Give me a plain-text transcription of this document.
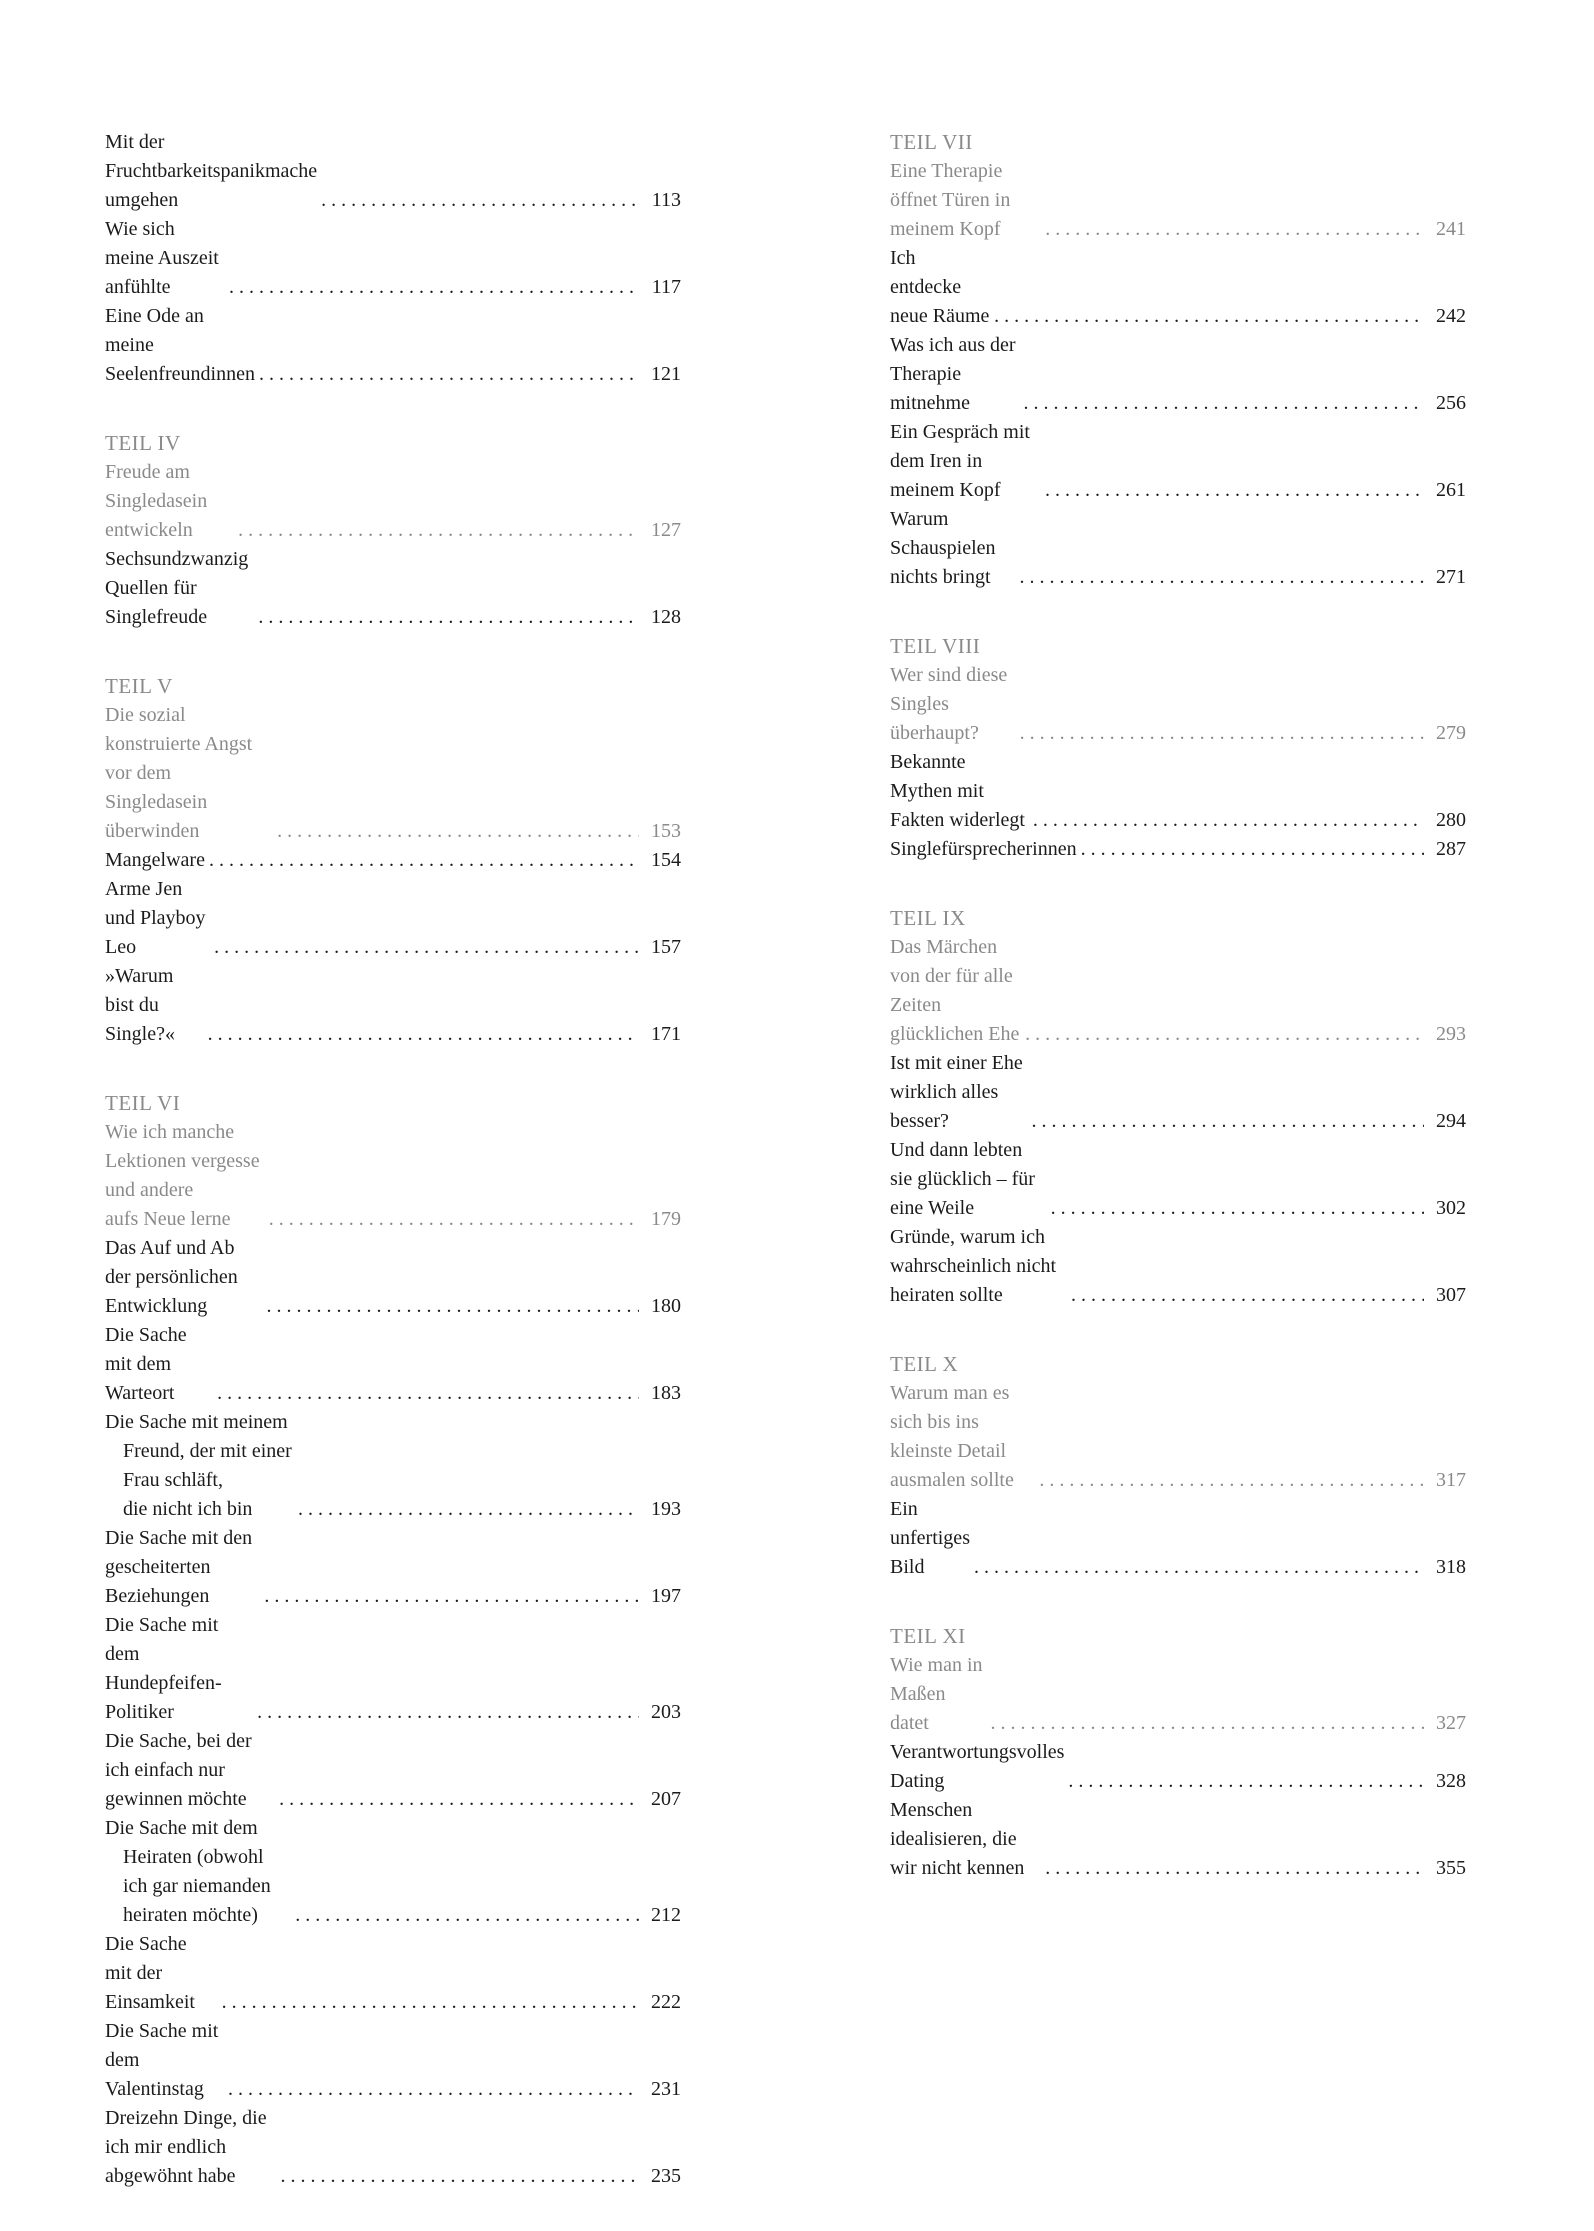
Mit der Fruchtbarkeitspanikmache umgehen . . .	113
Wie sich meine Auszeit anfühlte . . .	117
Eine Ode an meine Seelenfreundinnen . . .	121
TEIL IV
Freude am Singledasein entwickeln . . .	127
Sechsundzwanzig Quellen für Singlefreude . . .	128
TEIL V
Die sozial konstruierte Angst vor dem Singledasein
überwinden . . .	153
Mangelware . . .	154
Arme Jen und Playboy Leo . . .	157
»Warum bist du Single?« . . .	171
TEIL VI
Wie ich manche Lektionen vergesse und andere
aufs Neue lerne . . .	179
Das Auf und Ab der persönlichen Entwicklung . . .	180
Die Sache mit dem Warteort . . .	183
Die Sache mit meinem Freund, der mit einer Frau schläft,
die nicht ich bin . . .	193
Die Sache mit den gescheiterten Beziehungen . . .	197
Die Sache mit dem Hundepfeifen-Politiker . . .	203
Die Sache, bei der ich einfach nur gewinnen möchte . . .	207
Die Sache mit dem Heiraten (obwohl ich gar niemanden
heiraten möchte) . . .	212
Die Sache mit der Einsamkeit . . .	222
Die Sache mit dem Valentinstag . . .	231
Dreizehn Dinge, die ich mir endlich abgewöhnt habe . . .	235
TEIL VII
Eine Therapie öffnet Türen in meinem Kopf . . .	241
Ich entdecke neue Räume . . .	242
Was ich aus der Therapie mitnehme . . .	256
Ein Gespräch mit dem Iren in meinem Kopf . . .	261
Warum Schauspielen nichts bringt . . .	271
TEIL VIII
Wer sind diese Singles überhaupt? . . .	279
Bekannte Mythen mit Fakten widerlegt . . .	280
Singlefürsprecherinnen . . .	287
TEIL IX
Das Märchen von der für alle Zeiten
glücklichen Ehe . . .	293
Ist mit einer Ehe wirklich alles besser? . . .	294
Und dann lebten sie glücklich – für eine Weile . . .	302
Gründe, warum ich wahrscheinlich nicht heiraten sollte . . .	307
TEIL X
Warum man es sich bis ins kleinste Detail
ausmalen sollte . . .	317
Ein unfertiges Bild . . .	318
TEIL XI
Wie man in Maßen datet . . .	327
Verantwortungsvolles Dating . . .	328
Menschen idealisieren, die wir nicht kennen . . .	355
